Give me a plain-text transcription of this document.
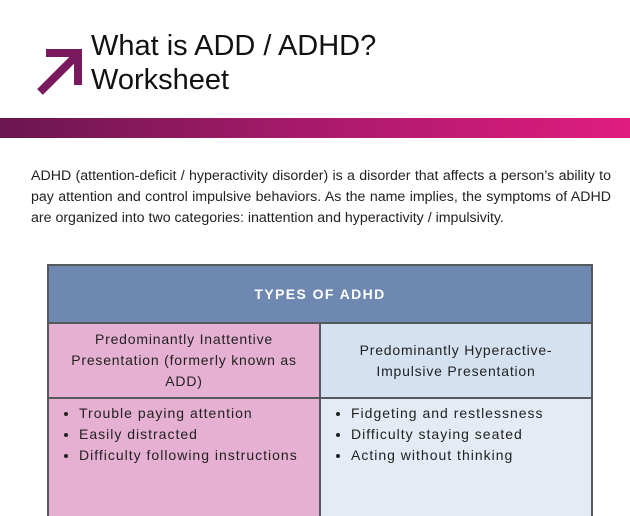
What is ADD / ADHD?
Worksheet

ADHD (attention-deficit / hyperactivity disorder) is a disorder that affects a person’s ability to pay attention and control impulsive behaviors. As the name implies, the symptoms of ADHD are organized into two categories: inattention and hyperactivity / impulsivity.

TYPES OF ADHD
Predominantly Inattentive Presentation (formerly known as ADD)
Predominantly Hyperactive-Impulsive Presentation
• Trouble paying attention
• Easily distracted
• Difficulty following instructions
• Fidgeting and restlessness
• Difficulty staying seated
• Acting without thinking
